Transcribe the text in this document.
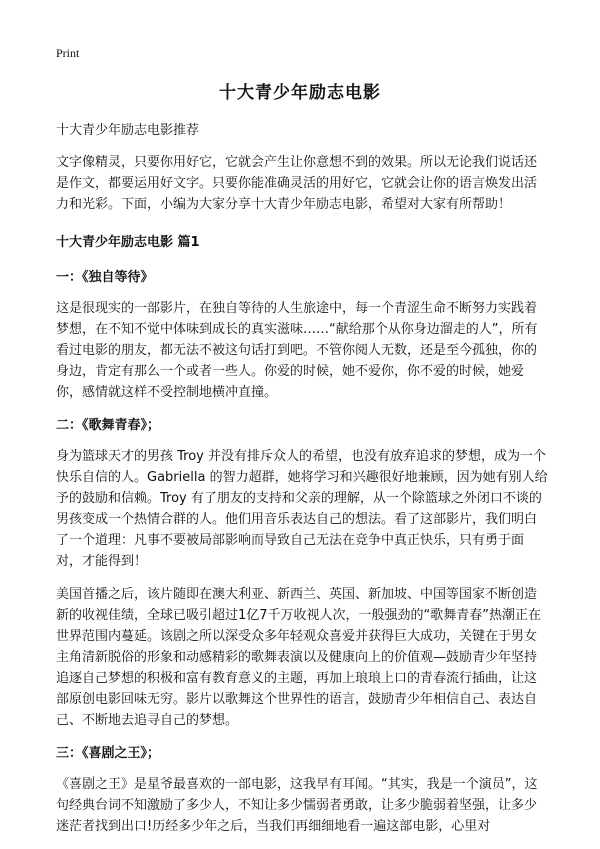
Print
十大青少年励志电影

十大青少年励志电影推荐

文字像精灵，只要你用好它，它就会产生让你意想不到的效果。所以无论我们说话还是作文，都要运用好文字。只要你能准确灵活的用好它，它就会让你的语言焕发出活力和光彩。下面，小编为大家分享十大青少年励志电影，希望对大家有所帮助！

十大青少年励志电影 篇1

一：《独自等待》

这是很现实的一部影片，在独自等待的人生旅途中，每一个青涩生命不断努力实践着梦想，在不知不觉中体味到成长的真实滋味……“献给那个从你身边溜走的人”，所有看过电影的朋友，都无法不被这句话打到吧。不管你阅人无数，还是至今孤独，你的身边，肯定有那么一个或者一些人。你爱的时候，她不爱你，你不爱的时候，她爱你，感情就这样不受控制地横冲直撞。

二：《歌舞青春》；

身为篮球天才的男孩 Troy 并没有排斥众人的希望，也没有放弃追求的梦想，成为一个快乐自信的人。Gabriella 的智力超群，她将学习和兴趣很好地兼顾，因为她有别人给予的鼓励和信赖。Troy 有了朋友的支持和父亲的理解，从一个除篮球之外闭口不谈的男孩变成一个热情合群的人。他们用音乐表达自己的想法。看了这部影片，我们明白了一个道理：凡事不要被局部影响而导致自己无法在竞争中真正快乐，只有勇于面对，才能得到！

美国首播之后，该片随即在澳大利亚、新西兰、英国、新加坡、中国等国家不断创造新的收视佳绩，全球已吸引超过1亿7千万收视人次，一般强劲的“歌舞青春”热潮正在世界范围内蔓延。该剧之所以深受众多年轻观众喜爱并获得巨大成功，关键在于男女主角清新脱俗的形象和动感精彩的歌舞表演以及健康向上的价值观—鼓励青少年坚持追逐自己梦想的积极和富有教育意义的主题，再加上琅琅上口的青春流行插曲，让这部原创电影回味无穷。影片以歌舞这个世界性的语言，鼓励青少年相信自己、表达自己、不断地去追寻自己的梦想。

三：《喜剧之王》；

《喜剧之王》是星爷最喜欢的一部电影，这我早有耳闻。“其实，我是一个演员”，这句经典台词不知激励了多少人，不知让多少懦弱者勇敢，让多少脆弱着坚强，让多少迷茫者找到出口!历经多少年之后，当我们再细细地看一遍这部电影，心里对
